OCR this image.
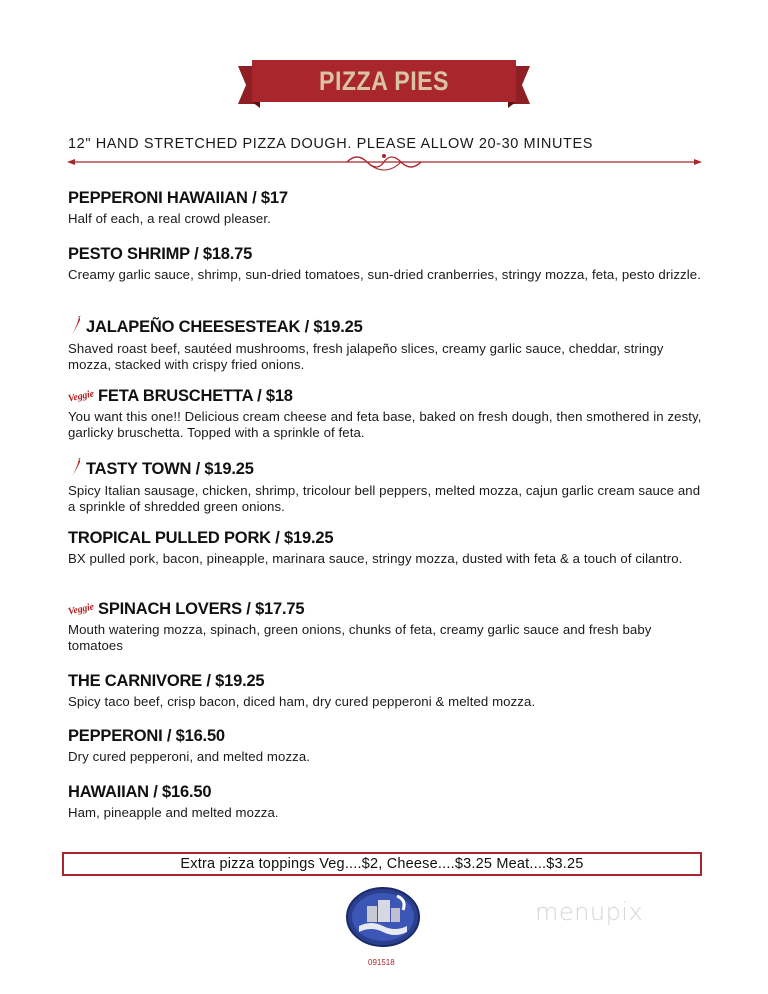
PIZZA PIES
12" HAND STRETCHED PIZZA DOUGH. PLEASE ALLOW 20-30 MINUTES
PEPPERONI HAWAIIAN / $17
Half of each, a real crowd pleaser.
PESTO SHRIMP / $18.75
Creamy garlic sauce, shrimp, sun-dried tomatoes, sun-dried cranberries, stringy mozza, feta, pesto drizzle.
JALAPEÑO CHEESESTEAK / $19.25
Shaved roast beef, sautéed mushrooms, fresh jalapeño slices, creamy garlic sauce, cheddar, stringy mozza, stacked with crispy fried onions.
Veggie FETA BRUSCHETTA / $18
You want this one!! Delicious cream cheese and feta base, baked on fresh dough, then smothered in zesty, garlicky bruschetta. Topped with a sprinkle of feta.
TASTY TOWN / $19.25
Spicy Italian sausage, chicken, shrimp, tricolour bell peppers, melted mozza, cajun garlic cream sauce and a sprinkle of shredded green onions.
TROPICAL PULLED PORK / $19.25
BX pulled pork, bacon, pineapple, marinara sauce, stringy mozza, dusted with feta & a touch of cilantro.
Veggie SPINACH LOVERS / $17.75
Mouth watering mozza, spinach, green onions, chunks of feta, creamy garlic sauce and fresh baby tomatoes
THE CARNIVORE / $19.25
Spicy taco beef, crisp bacon, diced ham, dry cured pepperoni & melted mozza.
PEPPERONI / $16.50
Dry cured pepperoni, and melted mozza.
HAWAIIAN / $16.50
Ham, pineapple and melted mozza.
Extra pizza toppings Veg....$2, Cheese....$3.25 Meat....$3.25
091518
menupix
